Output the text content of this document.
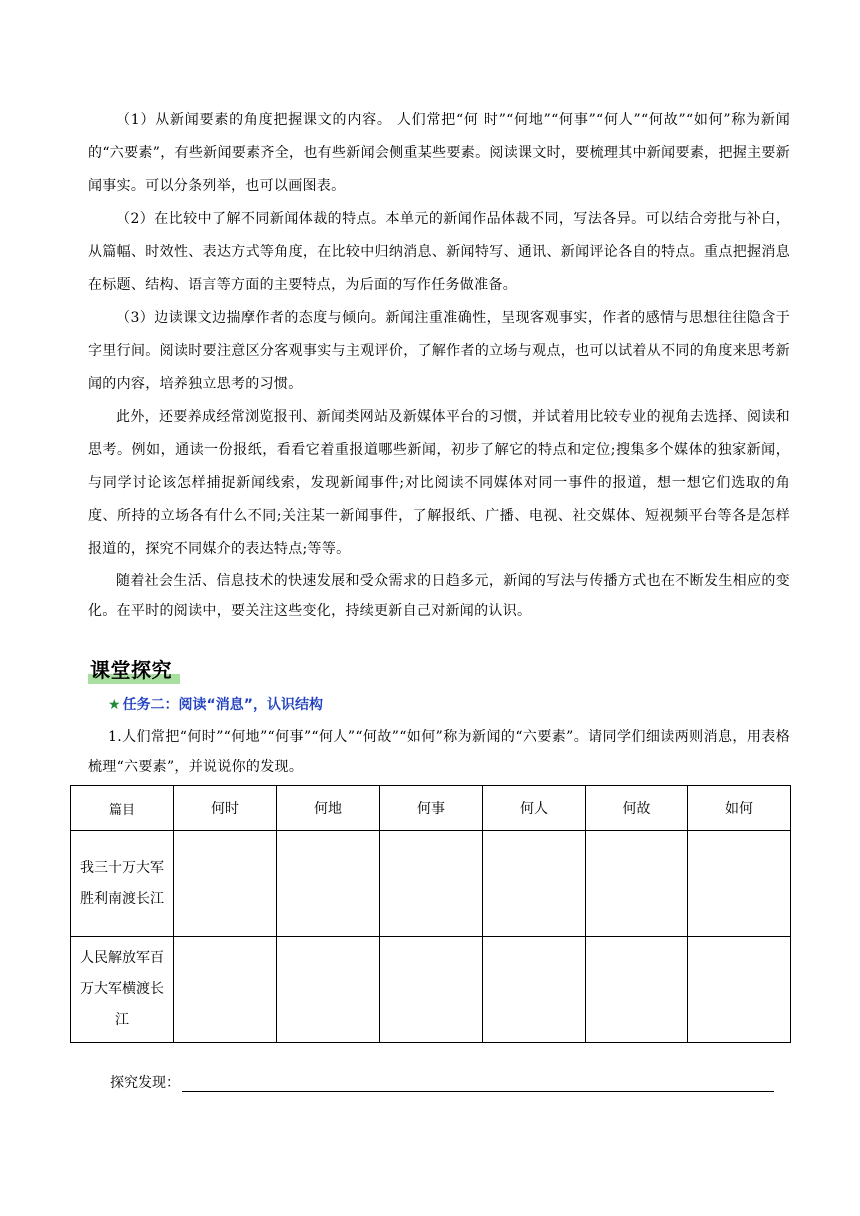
（1）从新闻要素的角度把握课文的内容。 人们常把“何 时”“何地”“何事”“何人”“何故”“如何”称为新闻的“六要素”，有些新闻要素齐全，也有些新闻会侧重某些要素。阅读课文时，要梳理其中新闻要素，把握主要新闻事实。可以分条列举，也可以画图表。

（2）在比较中了解不同新闻体裁的特点。本单元的新闻作品体裁不同，写法各异。可以结合旁批与补白，从篇幅、时效性、表达方式等角度，在比较中归纳消息、新闻特写、通讯、新闻评论各自的特点。重点把握消息在标题、结构、语言等方面的主要特点，为后面的写作任务做准备。

（3）边读课文边揣摩作者的态度与倾向。新闻注重准确性，呈现客观事实，作者的感情与思想往往隐含于字里行间。阅读时要注意区分客观事实与主观评价，了解作者的立场与观点，也可以试着从不同的角度来思考新闻的内容，培养独立思考的习惯。

此外，还要养成经常浏览报刊、新闻类网站及新媒体平台的习惯，并试着用比较专业的视角去选择、阅读和思考。例如，通读一份报纸，看看它着重报道哪些新闻，初步了解它的特点和定位;搜集多个媒体的独家新闻，与同学讨论该怎样捕捉新闻线索，发现新闻事件;对比阅读不同媒体对同一事件的报道，想一想它们选取的角度、所持的立场各有什么不同;关注某一新闻事件，了解报纸、广播、电视、社交媒体、短视频平台等各是怎样报道的，探究不同媒介的表达特点;等等。

随着社会生活、信息技术的快速发展和受众需求的日趋多元，新闻的写法与传播方式也在不断发生相应的变化。在平时的阅读中，要关注这些变化，持续更新自己对新闻的认识。

课堂探究
★ 任务二：阅读“消息”，认识结构

1.人们常把“何时”“何地”“何事”“何人”“何故”“如何”称为新闻的“六要素”。请同学们细读两则消息，用表格梳理“六要素”，并说说你的发现。

篇目	何时	何地	何事	何人	何故	如何
我三十万大军胜利南渡长江						
人民解放军百万大军横渡长江						
探究发现：
